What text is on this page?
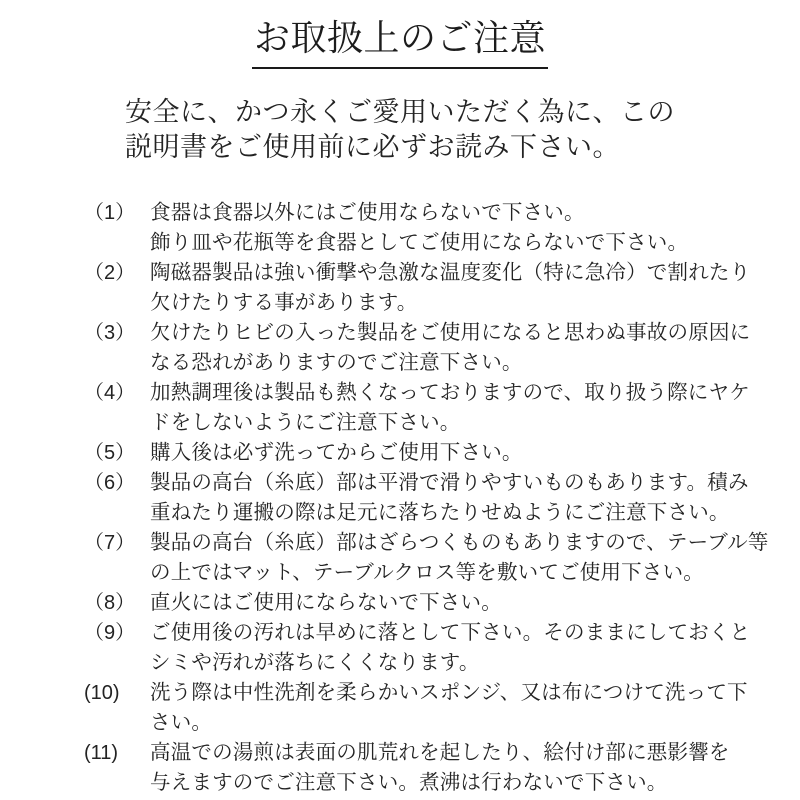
お取扱上のご注意
安全に、かつ永くご愛用いただく為に、この
説明書をご使用前に必ずお読み下さい。
（1） 食器は食器以外にはご使用ならないで下さい。
飾り皿や花瓶等を食器としてご使用にならないで下さい。
（2） 陶磁器製品は強い衝撃や急激な温度変化（特に急冷）で割れたり
欠けたりする事があります。
（3） 欠けたりヒビの入った製品をご使用になると思わぬ事故の原因に
なる恐れがありますのでご注意下さい。
（4） 加熱調理後は製品も熱くなっておりますので、取り扱う際にヤケ
ドをしないようにご注意下さい。
（5） 購入後は必ず洗ってからご使用下さい。
（6） 製品の高台（糸底）部は平滑で滑りやすいものもあります。積み
重ねたり運搬の際は足元に落ちたりせぬようにご注意下さい。
（7） 製品の高台（糸底）部はざらつくものもありますので、テーブル等
の上ではマット、テーブルクロス等を敷いてご使用下さい。
（8） 直火にはご使用にならないで下さい。
（9） ご使用後の汚れは早めに落として下さい。そのままにしておくと
シミや汚れが落ちにくくなります。
(10)	洗う際は中性洗剤を柔らかいスポンジ、又は布につけて洗って下
さい。
(11)	高温での湯煎は表面の肌荒れを起したり、絵付け部に悪影響を
与えますのでご注意下さい。煮沸は行わないで下さい。
